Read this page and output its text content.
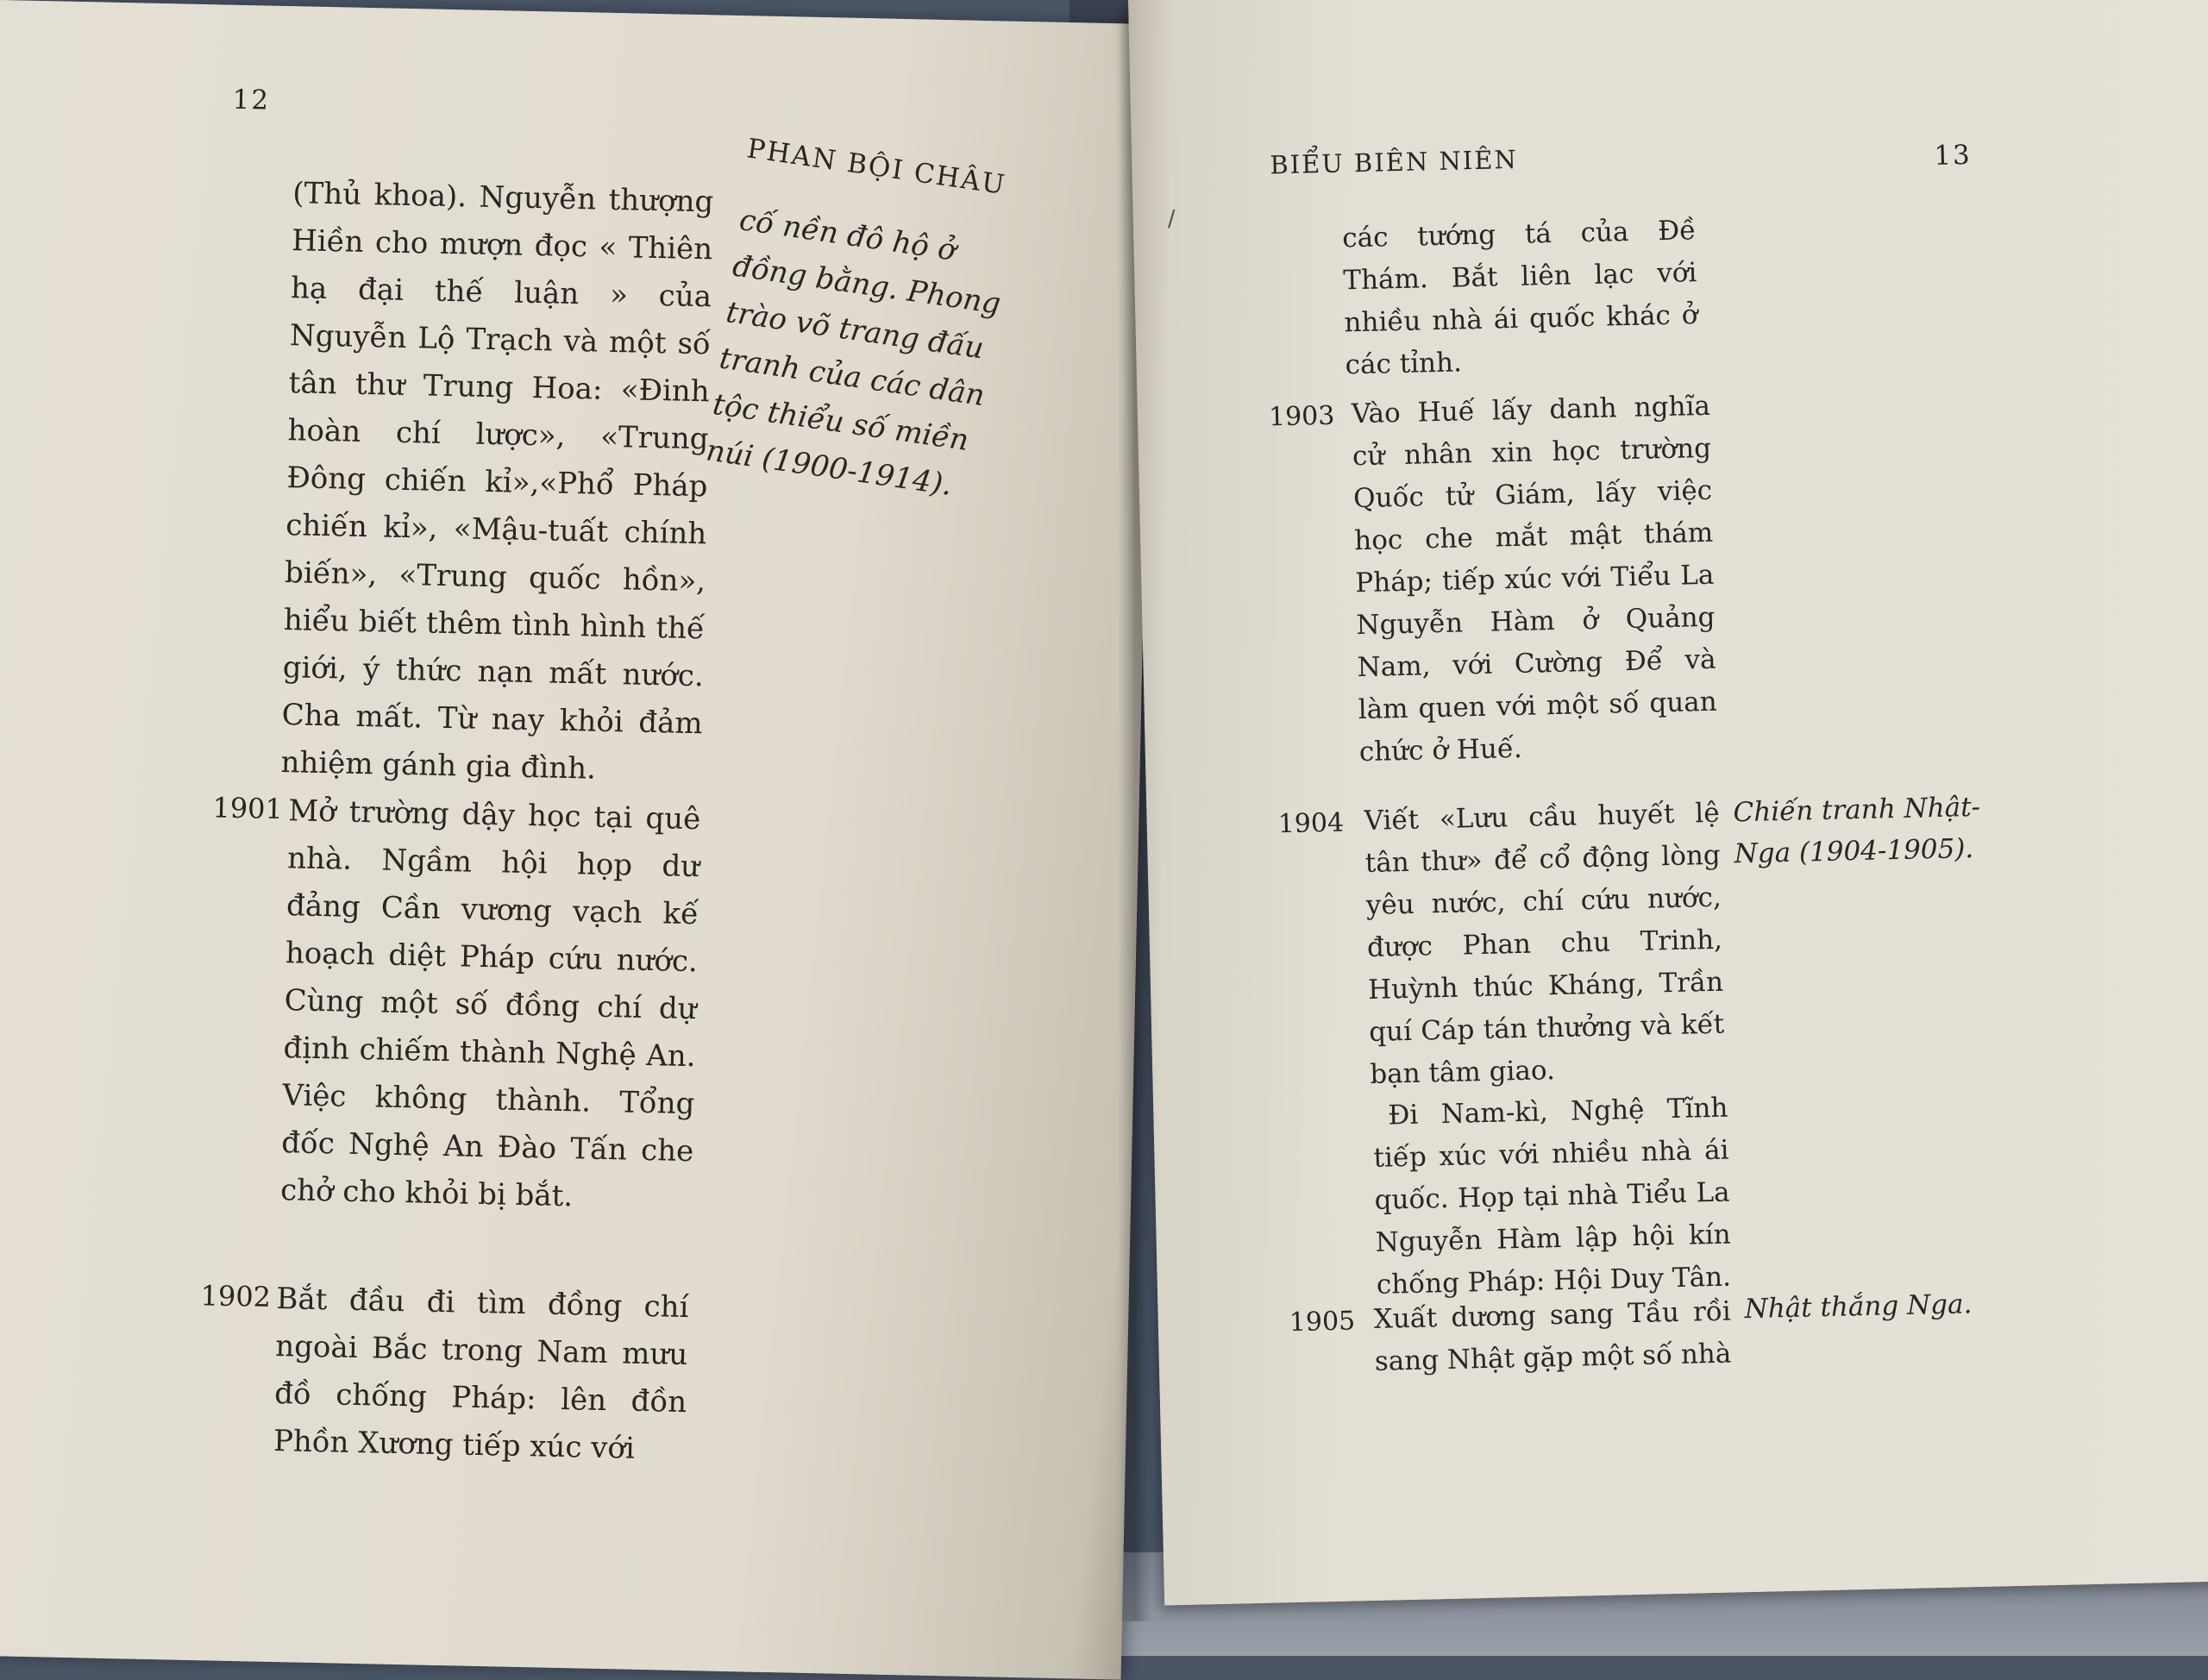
12
PHAN BỘI CHÂU
(Thủ khoa). Nguyễn thượng Hiền cho mượn đọc « Thiên hạ đại thế luận » của Nguyễn Lộ Trạch và một số tân thư Trung Hoa: «Đinh hoàn chí lược», «Trung Đông chiến kỉ»,«Phổ Pháp chiến kỉ», «Mậu-tuất chính biến», «Trung quốc hồn», hiểu biết thêm tình hình thế giới, ý thức nạn mất nước. Cha mất. Từ nay khỏi đảm nhiệm gánh gia đình.
cố nền đô hộ ở đồng bằng. Phong trào võ trang đấu tranh của các dân tộc thiểu số miền núi (1900-1914).
1901 Mở trường dậy học tại quê nhà. Ngầm hội họp dư đảng Cần vương vạch kế hoạch diệt Pháp cứu nước. Cùng một số đồng chí dự định chiếm thành Nghệ An. Việc không thành. Tổng đốc Nghệ An Đào Tấn che chở cho khỏi bị bắt.
1902 Bắt đầu đi tìm đồng chí ngoài Bắc trong Nam mưu đồ chống Pháp: lên đồn Phồn Xương tiếp xúc với
BIỂU BIÊN NIÊN	13
/	các tướng tá của Đề Thám. Bắt liên lạc với nhiều nhà ái quốc khác ở các tỉnh.
1903 Vào Huế lấy danh nghĩa cử nhân xin học trường Quốc tử Giám, lấy việc học che mắt mật thám Pháp; tiếp xúc với Tiểu La Nguyễn Hàm ở Quảng Nam, với Cường Để và làm quen với một số quan chức ở Huế.
1904 Viết «Lưu cầu huyết lệ tân thư» để cổ động lòng yêu nước, chí cứu nước, được Phan chu Trinh, Huỳnh thúc Kháng, Trần quí Cáp tán thưởng và kết bạn tâm giao.
Đi Nam-kì, Nghệ Tĩnh tiếp xúc với nhiều nhà ái quốc. Họp tại nhà Tiểu La Nguyễn Hàm lập hội kín chống Pháp: Hội Duy Tân.
Chiến tranh Nhật-Nga (1904-1905).
1905 Xuất dương sang Tầu rồi sang Nhật gặp một số nhà
Nhật thắng Nga.
